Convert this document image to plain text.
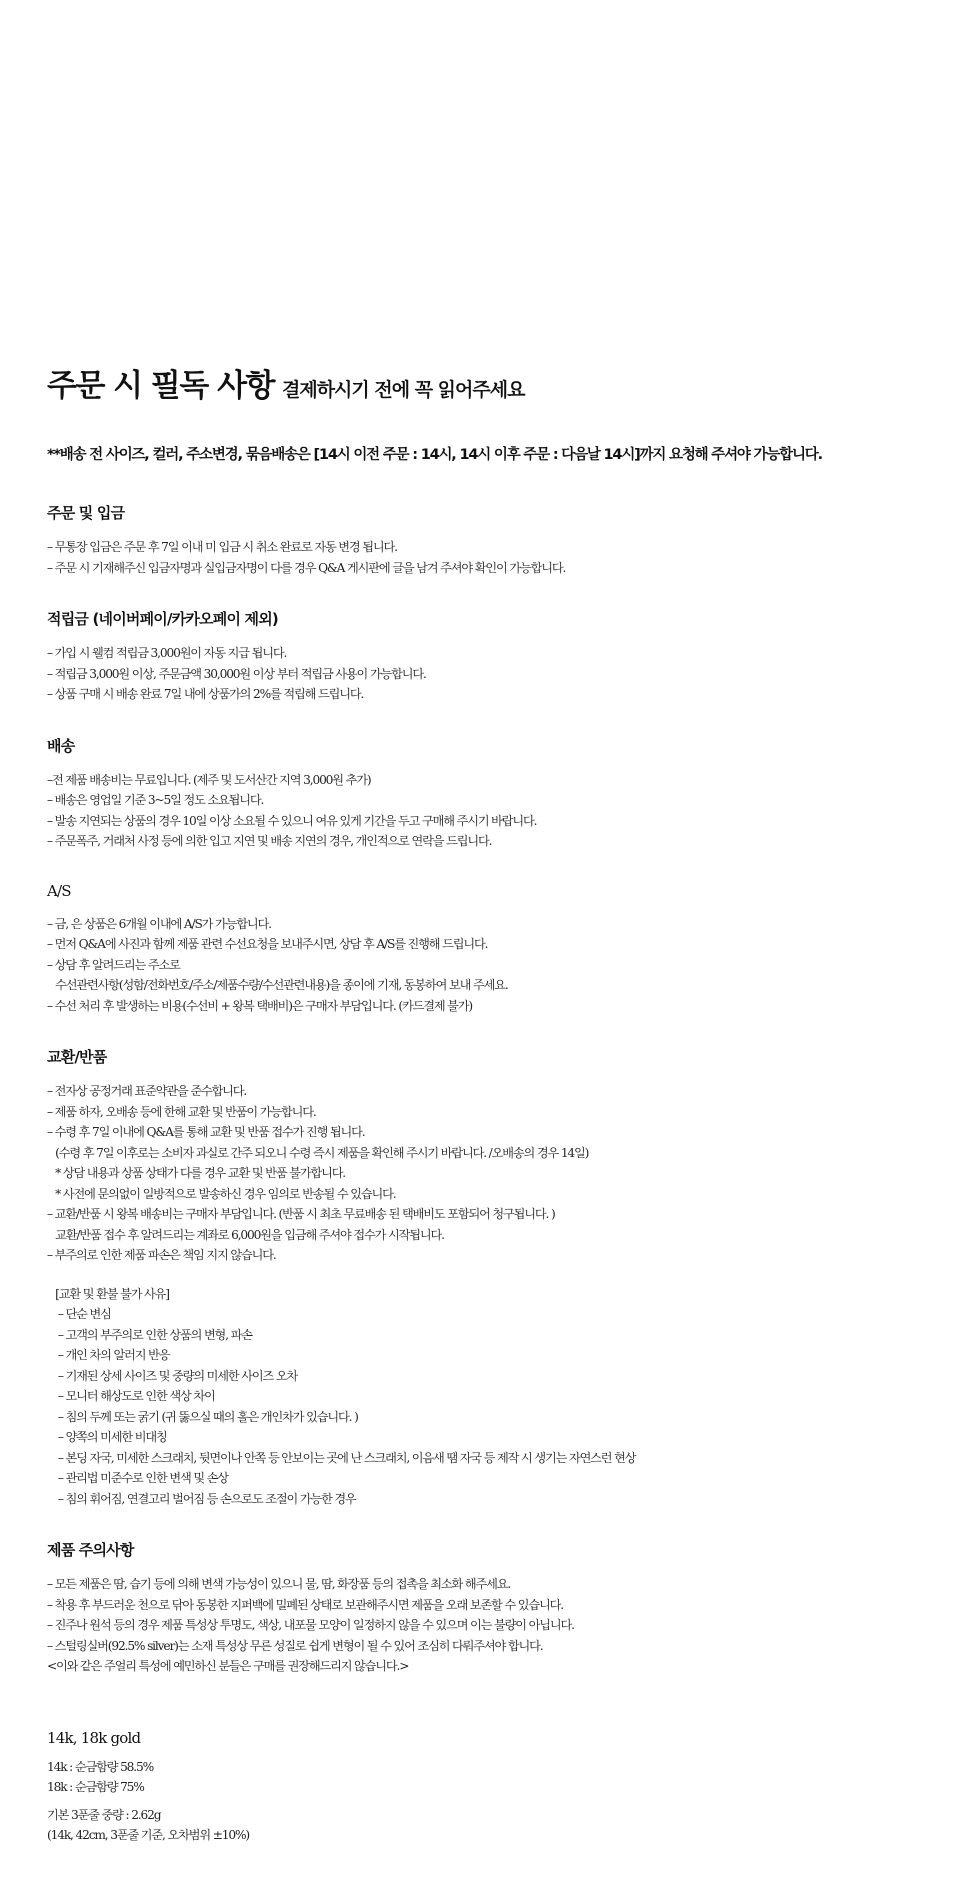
주문 시 필독 사항 결제하시기 전에 꼭 읽어주세요
**배송 전 사이즈, 컬러, 주소변경, 묶음배송은 [14시 이전 주문 : 14시, 14시 이후 주문 : 다음날 14시]까지 요청해 주셔야 가능합니다.
주문 및 입금
– 무통장 입금은 주문 후 7일 이내 미 입금 시 취소 완료로 자동 변경 됩니다.
– 주문 시 기재해주신 입금자명과 실입금자명이 다를 경우 Q&A 게시판에 글을 남겨 주셔야 확인이 가능합니다.
적립금 (네이버페이/카카오페이 제외)
– 가입 시 웰컴 적립금 3,000원이 자동 지급 됩니다.
– 적립금 3,000원 이상, 주문금액 30,000원 이상 부터 적립금 사용이 가능합니다.
– 상품 구매 시 배송 완료 7일 내에 상품가의 2%를 적립해 드립니다.
배송
–전 제품 배송비는 무료입니다. (제주 및 도서산간 지역 3,000원 추가)
– 배송은 영업일 기준 3~5일 정도 소요됩니다.
– 발송 지연되는 상품의 경우 10일 이상 소요될 수 있으니 여유 있게 기간을 두고 구매해 주시기 바랍니다.
– 주문폭주, 거래처 사정 등에 의한 입고 지연 및 배송 지연의 경우, 개인적으로 연락을 드립니다.
A/S
– 금, 은 상품은 6개월 이내에 A/S가 가능합니다.
– 먼저 Q&A에 사진과 함께 제품 관련 수선요청을 보내주시면, 상담 후 A/S를 진행해 드립니다.
– 상담 후 알려드리는 주소로
수선관련사항(성함/전화번호/주소/제품수량/수선관련내용)을 종이에 기재, 동봉하여 보내 주세요.
– 수선 처리 후 발생하는 비용(수선비 + 왕복 택배비)은 구매자 부담입니다. (카드결제 불가)
교환/반품
– 전자상 공정거래 표준약관을 준수합니다.
– 제품 하자, 오배송 등에 한해 교환 및 반품이 가능합니다.
– 수령 후 7일 이내에 Q&A를 통해 교환 및 반품 접수가 진행 됩니다.
(수령 후 7일 이후로는 소비자 과실로 간주 되오니 수령 즉시 제품을 확인해 주시기 바랍니다. /오배송의 경우 14일)
* 상담 내용과 상품 상태가 다를 경우 교환 및 반품 불가합니다.
* 사전에 문의없이 일방적으로 발송하신 경우 임의로 반송될 수 있습니다.
– 교환/반품 시 왕복 배송비는 구매자 부담입니다. (반품 시 최초 무료배송 된 택배비도 포함되어 청구됩니다. )
교환/반품 접수 후 알려드리는 계좌로 6,000원을 입금해 주셔야 접수가 시작됩니다.
– 부주의로 인한 제품 파손은 책임 지지 않습니다.
[교환 및 환불 불가 사유]
– 단순 변심
– 고객의 부주의로 인한 상품의 변형, 파손
– 개인 차의 알러지 반응
– 기재된 상세 사이즈 및 중량의 미세한 사이즈 오차
– 모니터 해상도로 인한 색상 차이
– 침의 두께 또는 굵기 (귀 뚫으실 때의 홀은 개인차가 있습니다. )
– 양쪽의 미세한 비대칭
– 본딩 자국, 미세한 스크래치, 뒷면이나 안쪽 등 안보이는 곳에 난 스크래치, 이음새 땜 자국 등 제작 시 생기는 자연스런 현상
– 관리법 미준수로 인한 변색 및 손상
– 침의 휘어짐, 연결고리 벌어짐 등 손으로도 조절이 가능한 경우
제품 주의사항
– 모든 제품은 땀, 습기 등에 의해 변색 가능성이 있으니 물, 땀, 화장품 등의 접촉을 최소화 해주세요.
– 착용 후 부드러운 천으로 닦아 동봉한 지퍼백에 밀폐된 상태로 보관해주시면 제품을 오래 보존할 수 있습니다.
– 진주나 원석 등의 경우 제품 특성상 투명도, 색상, 내포물 모양이 일정하지 않을 수 있으며 이는 불량이 아닙니다.
– 스털링실버(92.5% silver)는 소재 특성상 무른 성질로 쉽게 변형이 될 수 있어 조심히 다뤄주셔야 합니다.
<이와 같은 주얼리 특성에 예민하신 분들은 구매를 권장해드리지 않습니다.>
14k, 18k gold
14k : 순금함량 58.5%
18k : 순금함량 75%
기본 3푼줄 중량 : 2.62g
(14k, 42cm, 3푼줄 기준, 오차범위 ±10%)
